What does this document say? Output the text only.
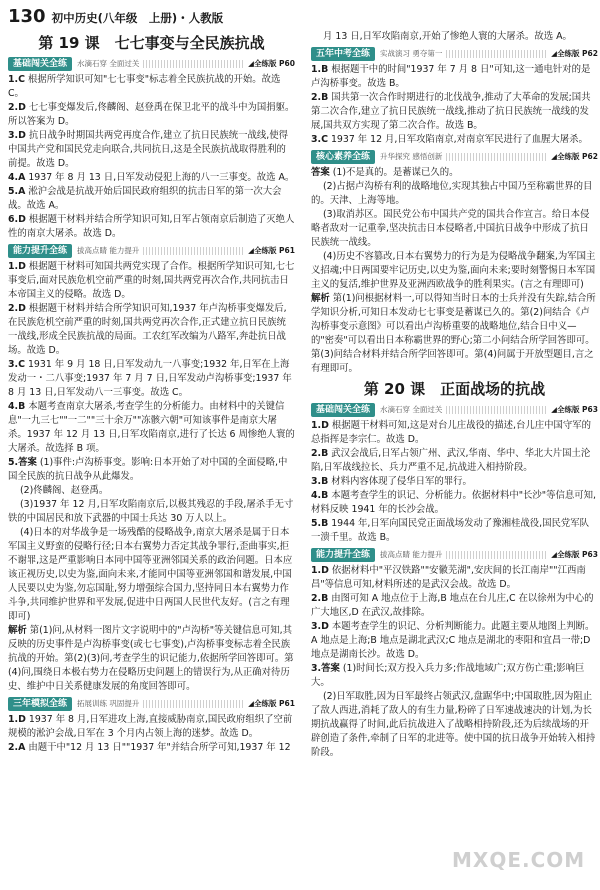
130 初中历史(八年级　上册)・人教版
第 19 课　七七事变与全民族抗战
基础闯关全练	水滴石穿 全面过关	◢全练版 P60

1.C 根据所学知识可知"七七事变"标志着全民族抗战的开始。故选 C。

2.D 七七事变爆发后,佟麟阁、赵登禹在保卫北平的战斗中为国捐躯。所以答案为 D。

3.D 抗日战争时期国共两党再度合作,建立了抗日民族统一战线,使得中国共产党和国民党走向联合,共同抗日,这是全民族抗战取得胜利的前提。故选 D。

4.A 1937 年 8 月 13 日,日军发动侵犯上海的八一三事变。故选 A。

5.A 淞沪会战是抗战开始后国民政府组织的抗击日军的第一次大会战。故选 A。

6.D 根据题干材料并结合所学知识可知,日军占领南京后制造了灭绝人性的南京大屠杀。故选 D。

能力提升全练	拔高点睛 能力提升	◢全练版 P61

1.D 根据题干材料可知国共两党实现了合作。根据所学知识可知,七七事变后,面对民族危机空前严重的时刻,国共两党再次合作,共同抗击日本帝国主义的侵略。故选 D。

2.D 根据题干材料并结合所学知识可知,1937 年卢沟桥事变爆发后,在民族危机空前严重的时刻,国共两党再次合作,正式建立抗日民族统一战线,形成全民族抗战的局面。工农红军改编为八路军,奔赴抗日战场。故选 D。

3.C 1931 年 9 月 18 日,日军发动九一八事变;1932 年,日军在上海发动一・二八事变;1937 年 7 月 7 日,日军发动卢沟桥事变;1937 年 8 月 13 日,日军发动八一三事变。故选 C。

4.B 本题考查南京大屠杀,考查学生的分析能力。由材料中的关键信息"一九三七""一二""三十余万""冻骸六朝"可知该事件是南京大屠杀。1937 年 12 月 13 日,日军攻陷南京,进行了长达 6 周惨绝人寰的大屠杀。故选择 B 项。

5.答案 (1)事件:卢沟桥事变。影响:日本开始了对中国的全面侵略,中国全民族的抗日战争从此爆发。

(2)佟麟阁、赵登禹。

(3)1937 年 12 月,日军攻陷南京后,以极其残忍的手段,屠杀手无寸铁的中国居民和放下武器的中国士兵达 30 万人以上。

(4)日本的对华战争是一场残酷的侵略战争,南京大屠杀是属于日本军国主义野蛮的侵略行径;日本右翼势力否定其战争罪行,歪曲事实,拒不谢罪,这是严重影响日本同中国等亚洲邻国关系的政治问题。日本应该正视历史,以史为鉴,面向未来,才能同中国等亚洲邻国和谐发展,中国人民要以史为鉴,勿忘国耻,努力增强综合国力,坚持同日本右翼势力作斗争,共同维护世界和平发展,促进中日两国人民世代友好。(言之有理即可)

解析 第(1)问,从材料一图片文字说明中的"卢沟桥"等关键信息可知,其反映的历史事件是卢沟桥事变(或七七事变),卢沟桥事变标志着全民族抗战的开始。第(2)(3)问,考查学生的识记能力,依据所学回答即可。第(4)问,围绕日本极右势力在侵略历史问题上的错误行为,从正确对待历史、维护中日关系健康发展的角度回答即可。

三年模拟全练	拓展训练 巩固提升	◢全练版 P61

1.D 1937 年 8 月,日军进攻上海,直接威胁南京,国民政府组织了空前规模的淞沪会战,日军在 3 个月内占领上海的迷梦。故选 D。

2.A 由题干中"12 月 13 日""1937 年"并结合所学可知,1937 年 12

月 13 日,日军攻陷南京,开始了惨绝人寰的大屠杀。故选 A。

五年中考全练	实战演习 勇夺第一	◢全练版 P62

1.B 根据题干中的时间"1937 年 7 月 8 日"可知,这一通电针对的是卢沟桥事变。故选 B。

2.B 国共第一次合作时期进行的北伐战争,推动了大革命的发展;国共第二次合作,建立了抗日民族统一战线,推动了抗日民族统一战线的发展,国共双方实现了第二次合作。故选 B。

3.C 1937 年 12 月,日军攻陷南京,对南京军民进行了血腥大屠杀。

核心素养全练	升华探究 感悟创新	◢全练版 P62

答案 (1)不是真的。是蓄谋已久的。

(2)占据卢沟桥有利的战略地位,实现其独占中国乃至称霸世界的目的。天津、上海等地。

(3)取消苏区。国民党公布中国共产党的国共合作宣言。给日本侵略者敌对一记重拳,坚决抗击日本侵略者,中国抗日战争中形成了抗日民族统一战线。

(4)历史不容篡改,日本右翼势力的行为是为侵略战争翻案,为军国主义招魂;中日两国要牢记历史,以史为鉴,面向未来;要时刻警惕日本军国主义的复活,维护世界及亚洲西欧战争的胜利果实。(言之有理即可)

解析 第(1)问根据材料一,可以得知当时日本的士兵并没有失踪,结合所学知识分析,可知日本发动七七事变是蓄谋已久的。第(2)问结合《卢沟桥事变示意图》可以看出卢沟桥重要的战略地位,结合日中义—的"密奏"可以看出日本称霸世界的野心;第二小问结合所学回答即可。第(3)问结合材料并结合所学回答即可。第(4)问属于开放型题目,言之有理即可。

第 20 课　正面战场的抗战
基础闯关全练	水滴石穿 全面过关	◢全练版 P63

1.D 根据题干材料可知,这是对台儿庄战役的描述,台儿庄中国守军的总指挥是李宗仁。故选 D。

2.B 武汉会战后,日军占领广州、武汉,华南、华中、华北大片国土沦陷,日军战线拉长、兵力严重不足,抗战进入相持阶段。

3.B 材料内容体现了侵华日军的罪行。

4.B 本题考查学生的识记、分析能力。依据材料中"长沙"等信息可知,材料反映 1941 年的长沙会战。

5.B 1944 年,日军向国民党正面战场发动了豫湘桂战役,国民党军队一溃千里。故选 B。

能力提升全练	拔高点睛 能力提升	◢全练版 P63

1.D 依据材料中"平汉铁路""安徽芜湖",安庆间的长江南岸""江西南昌"等信息可知,材料所述的是武汉会战。故选 D。

2.B 由图可知 A 地点位于上海,B 地点在台儿庄,C 在以徐州为中心的广大地区,D 在武汉,故排除。

3.D 本题考查学生的识记、分析判断能力。此题主要从地图上判断。A 地点是上海;B 地点是湖北武汉;C 地点是湖北的枣阳和宜昌一带;D 地点是湖南长沙。故选 D。

3.答案 (1)时间长;双方投入兵力多;作战地域广;双方伤亡重;影响巨大。

(2)日军取胜,因为日军最终占领武汉,盘踞华中;中国取胜,因为阻止了敌人西进,消耗了敌人的有生力量,粉碎了日军速战速决的计划,为长期抗战赢得了时间,此后抗战进入了战略相持阶段,还为后续战场的开辟创造了条件,牵制了日军的北进等。使中国的抗日战争开始转入相持阶段。

MXQE.COM
